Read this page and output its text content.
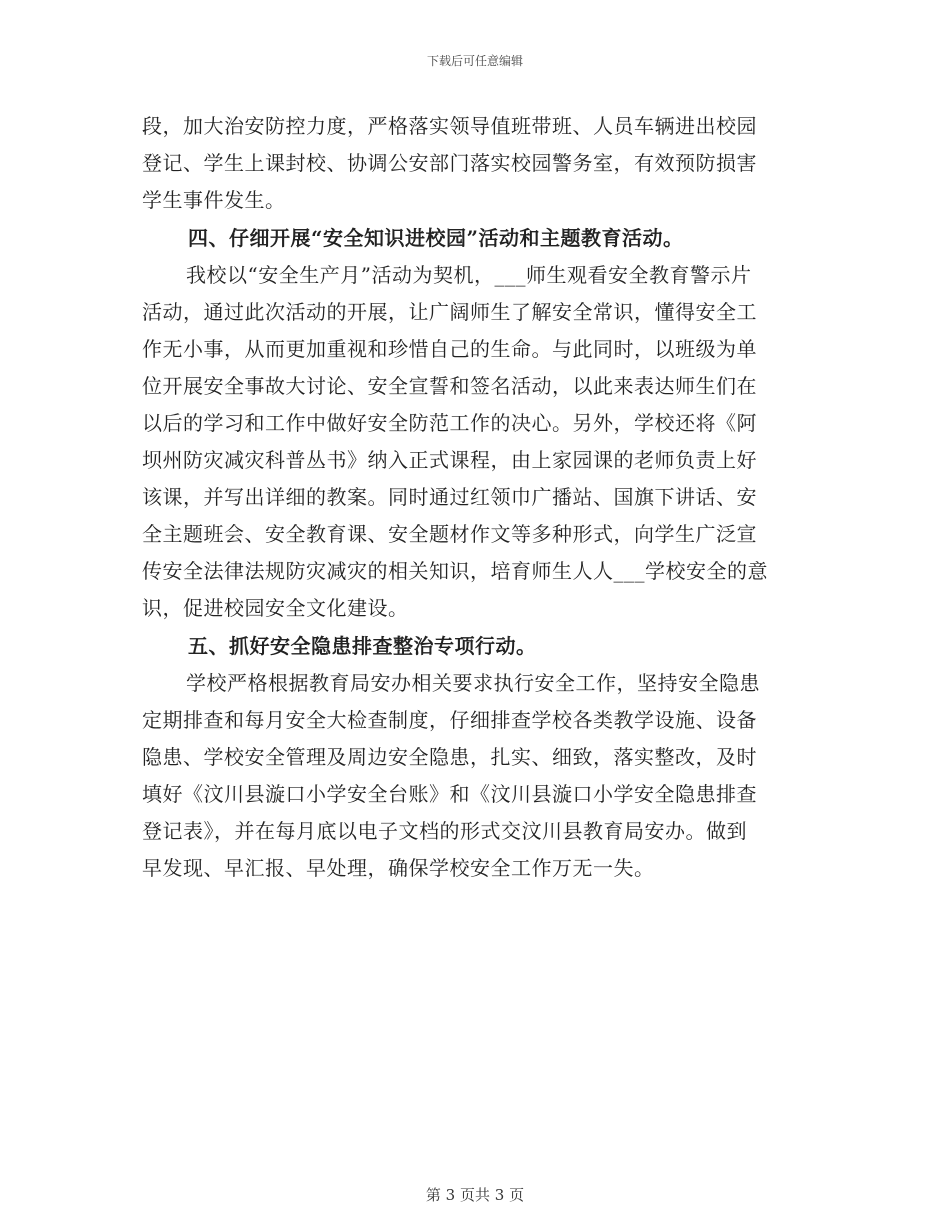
下载后可任意编辑
段，加大治安防控力度，严格落实领导值班带班、人员车辆进出校园
登记、学生上课封校、协调公安部门落实校园警务室，有效预防损害
学生事件发生。
四、仔细开展“安全知识进校园”活动和主题教育活动。
我校以“安全生产月”活动为契机，___师生观看安全教育警示片
活动，通过此次活动的开展，让广阔师生了解安全常识，懂得安全工
作无小事，从而更加重视和珍惜自己的生命。与此同时，以班级为单
位开展安全事故大讨论、安全宣誓和签名活动，以此来表达师生们在
以后的学习和工作中做好安全防范工作的决心。另外，学校还将《阿
坝州防灾减灾科普丛书》纳入正式课程，由上家园课的老师负责上好
该课，并写出详细的教案。同时通过红领巾广播站、国旗下讲话、安
全主题班会、安全教育课、安全题材作文等多种形式，向学生广泛宣
传安全法律法规防灾减灾的相关知识，培育师生人人___学校安全的意
识，促进校园安全文化建设。
五、抓好安全隐患排查整治专项行动。
学校严格根据教育局安办相关要求执行安全工作，坚持安全隐患
定期排查和每月安全大检查制度，仔细排查学校各类教学设施、设备
隐患、学校安全管理及周边安全隐患，扎实、细致，落实整改，及时
填好《汶川县漩口小学安全台账》和《汶川县漩口小学安全隐患排查
登记表》，并在每月底以电子文档的形式交汶川县教育局安办。做到
早发现、早汇报、早处理，确保学校安全工作万无一失。
第 3 页共 3 页
